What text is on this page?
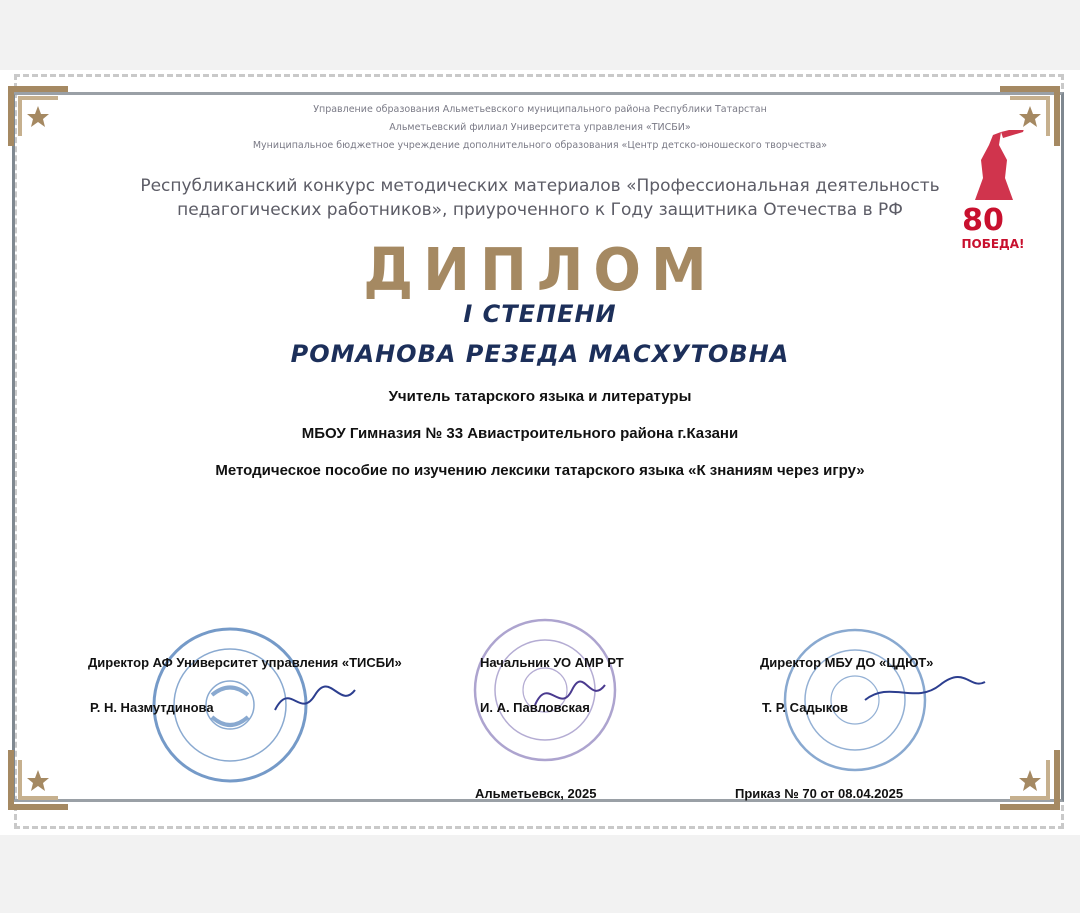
Управление образования Альметьевского муниципального района Республики Татарстан
Альметьевский филиал Университета управления «ТИСБИ»
Муниципальное бюджетное учреждение дополнительного образования «Центр детско-юношеского творчества»
Республиканский конкурс методических материалов «Профессиональная деятельность
педагогических работников», приуроченного к Году защитника Отечества в РФ
ДИПЛОМ
I СТЕПЕНИ
РОМАНОВА РЕЗЕДА МАСХУТОВНА
Учитель татарского языка и литературы
МБОУ Гимназия № 33 Авиастроительного района г.Казани
Методическое пособие по изучению лексики татарского языка «К знаниям через игру»
80
ПОБЕДА!
Директор АФ Университет управления «ТИСБИ»
Р. Н. Назмутдинова
Начальник УО АМР РТ
И. А. Павловская
Директор МБУ ДО «ЦДЮТ»
Т. Р. Садыков
Альметьевск, 2025	Приказ № 70 от 08.04.2025
